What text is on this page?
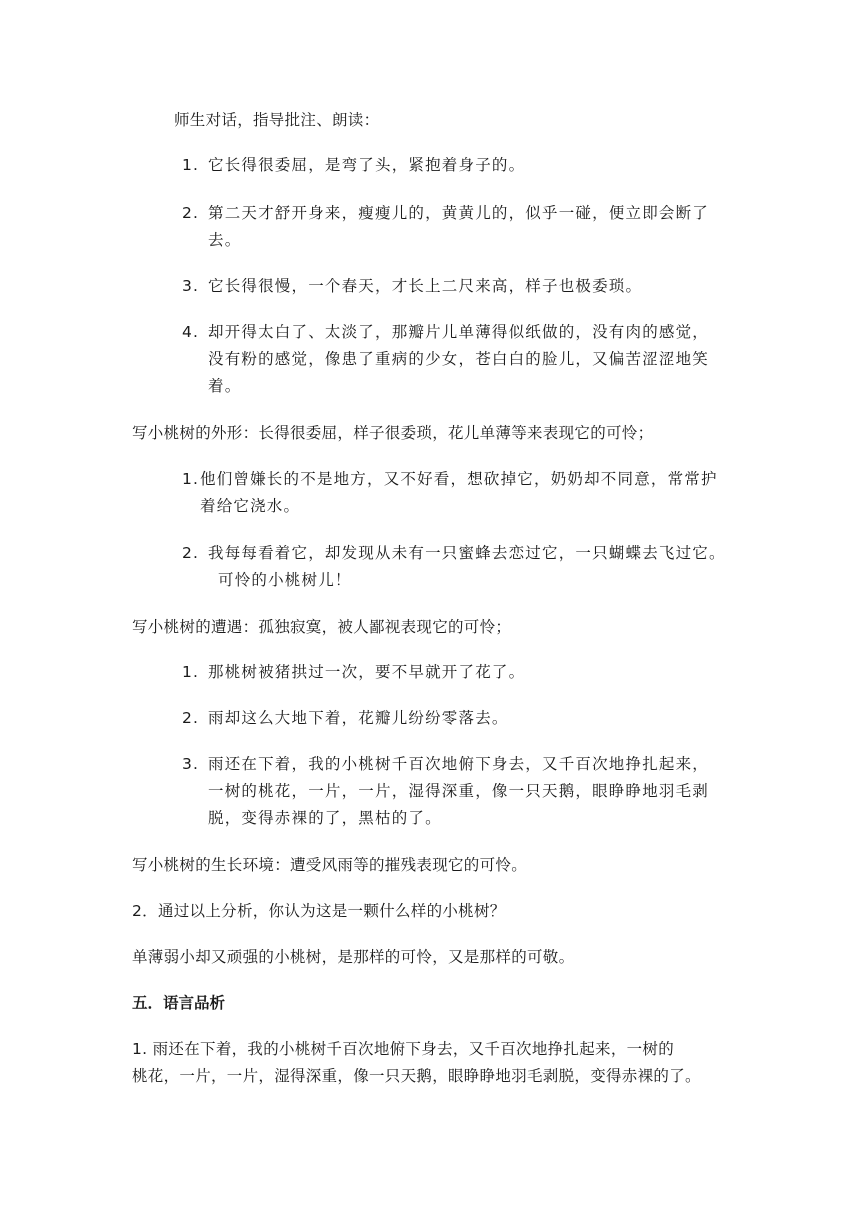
师生对话，指导批注、朗读：
1. 它长得很委屈，是弯了头，紧抱着身子的。
2. 第二天才舒开身来，瘦瘦儿的，黄黄儿的，似乎一碰，便立即会断了
去。
3. 它长得很慢，一个春天，才长上二尺来高，样子也极委琐。
4. 却开得太白了、太淡了，那瓣片儿单薄得似纸做的，没有肉的感觉，
没有粉的感觉，像患了重病的少女，苍白白的脸儿，又偏苦涩涩地笑
着。
写小桃树的外形：长得很委屈，样子很委琐，花儿单薄等来表现它的可怜；
1.他们曾嫌长的不是地方，又不好看，想砍掉它，奶奶却不同意，常常护
着给它浇水。
2. 我每每看着它，却发现从未有一只蜜蜂去恋过它，一只蝴蝶去飞过它。
可怜的小桃树儿！
写小桃树的遭遇：孤独寂寞，被人鄙视表现它的可怜；
1. 那桃树被猪拱过一次，要不早就开了花了。
2. 雨却这么大地下着，花瓣儿纷纷零落去。
3. 雨还在下着，我的小桃树千百次地俯下身去，又千百次地挣扎起来，
一树的桃花，一片，一片，湿得深重，像一只天鹅，眼睁睁地羽毛剥
脱，变得赤裸的了，黑枯的了。
写小桃树的生长环境：遭受风雨等的摧残表现它的可怜。
2．通过以上分析，你认为这是一颗什么样的小桃树？
单薄弱小却又顽强的小桃树，是那样的可怜，又是那样的可敬。
五．语言品析
1. 雨还在下着，我的小桃树千百次地俯下身去，又千百次地挣扎起来，一树的
桃花，一片，一片，湿得深重，像一只天鹅，眼睁睁地羽毛剥脱，变得赤裸的了。
